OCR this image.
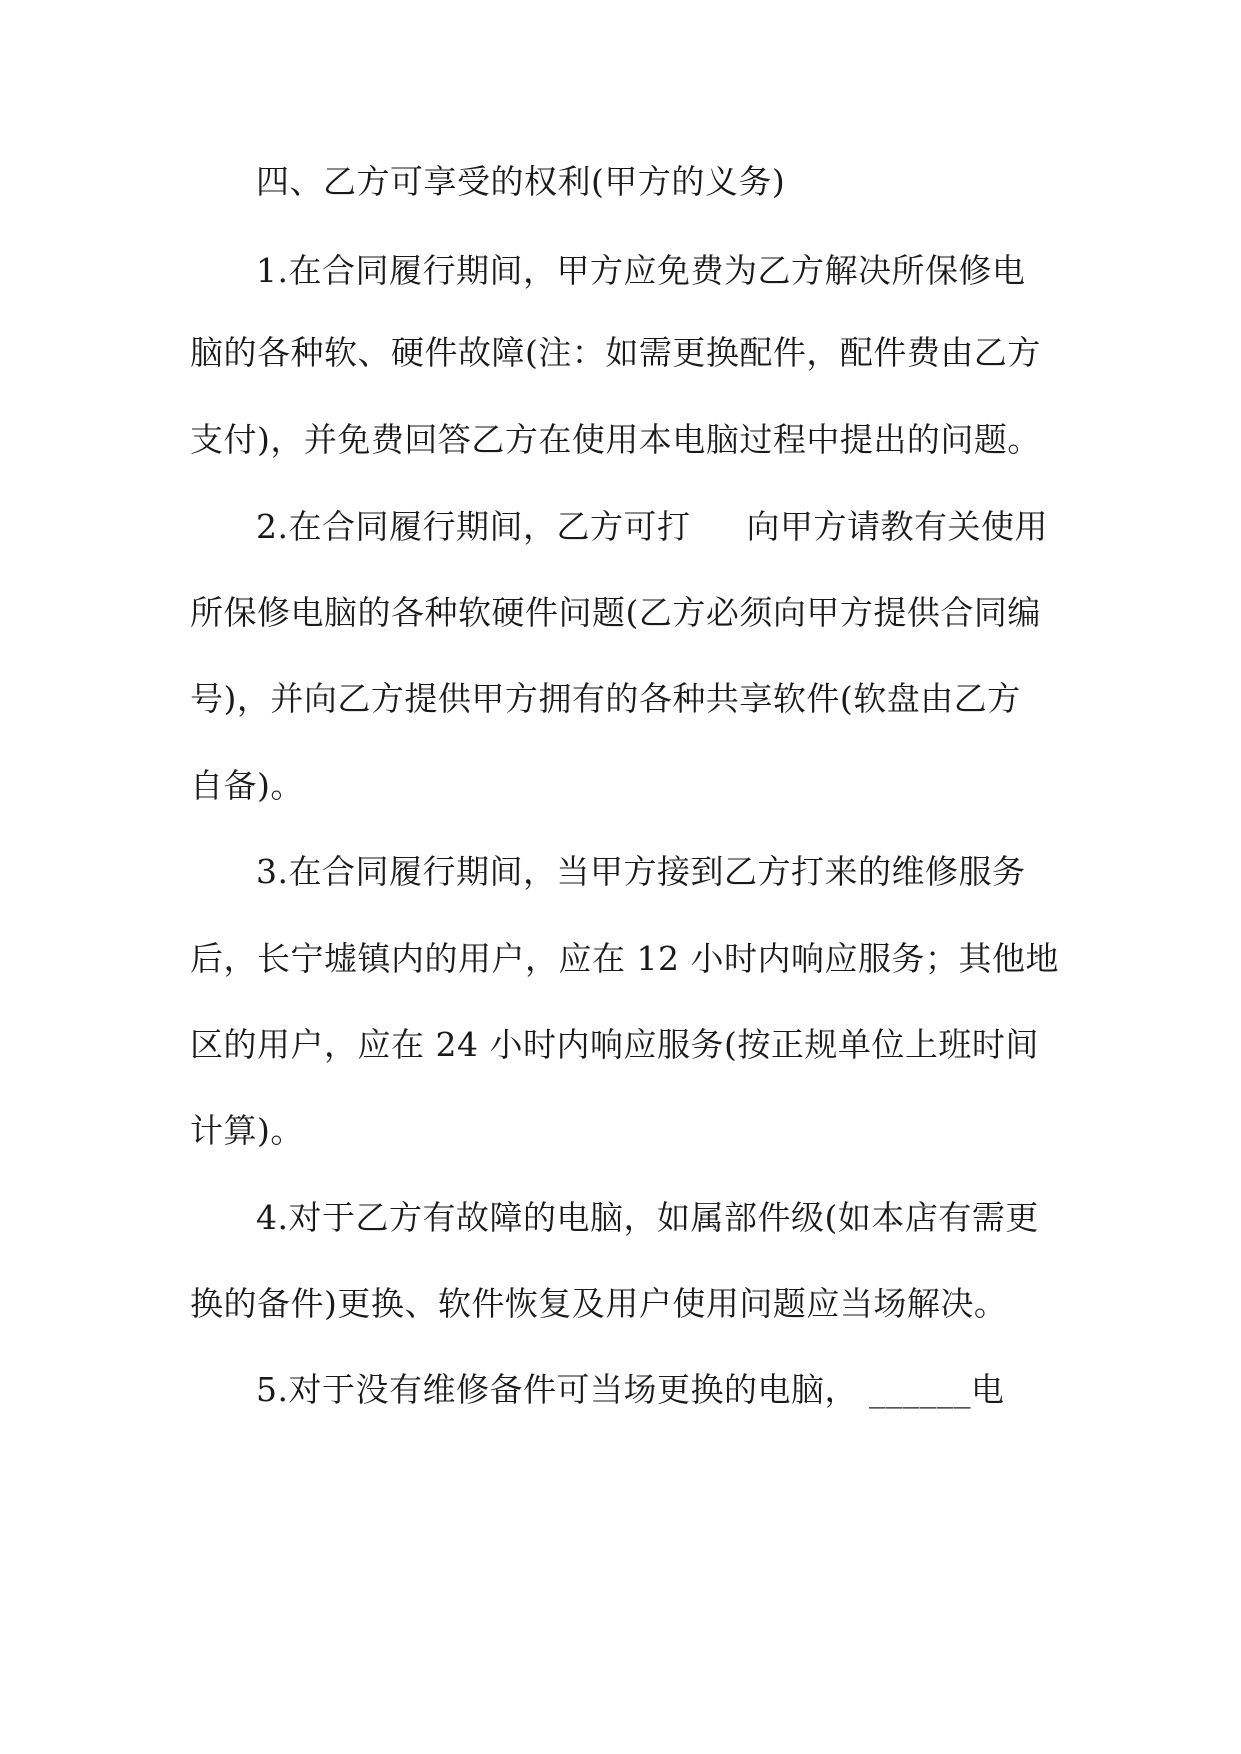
四、乙方可享受的权利(甲方的义务)
1.在合同履行期间，甲方应免费为乙方解决所保修电
脑的各种软、硬件故障(注：如需更换配件，配件费由乙方
支付)，并免费回答乙方在使用本电脑过程中提出的问题。
2.在合同履行期间，乙方可打 向甲方请教有关使用
所保修电脑的各种软硬件问题(乙方必须向甲方提供合同编
号)，并向乙方提供甲方拥有的各种共享软件(软盘由乙方
自备)。
3.在合同履行期间，当甲方接到乙方打来的维修服务
后，长宁墟镇内的用户，应在 12 小时内响应服务；其他地
区的用户，应在 24 小时内响应服务(按正规单位上班时间
计算)。
4.对于乙方有故障的电脑，如属部件级(如本店有需更
换的备件)更换、软件恢复及用户使用问题应当场解决。
5.对于没有维修备件可当场更换的电脑， ______电
